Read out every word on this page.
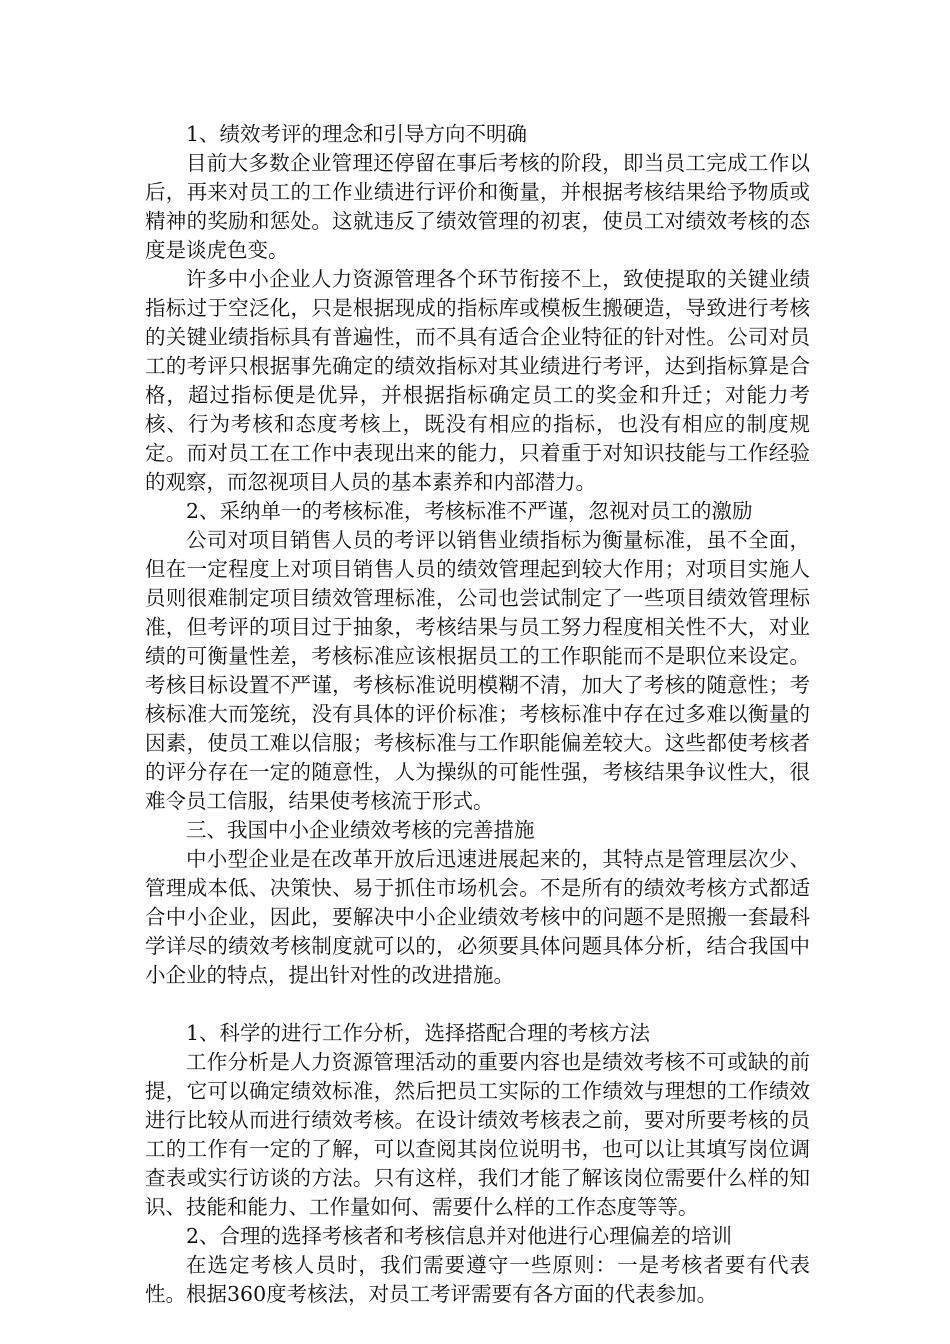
1、绩效考评的理念和引导方向不明确

目前大多数企业管理还停留在事后考核的阶段，即当员工完成工作以后，再来对员工的工作业绩进行评价和衡量，并根据考核结果给予物质或精神的奖励和惩处。这就违反了绩效管理的初衷，使员工对绩效考核的态度是谈虎色变。

许多中小企业人力资源管理各个环节衔接不上，致使提取的关键业绩指标过于空泛化，只是根据现成的指标库或模板生搬硬造，导致进行考核的关键业绩指标具有普遍性，而不具有适合企业特征的针对性。公司对员工的考评只根据事先确定的绩效指标对其业绩进行考评，达到指标算是合格，超过指标便是优异，并根据指标确定员工的奖金和升迁；对能力考核、行为考核和态度考核上，既没有相应的指标，也没有相应的制度规定。而对员工在工作中表现出来的能力，只着重于对知识技能与工作经验的观察，而忽视项目人员的基本素养和内部潜力。

2、采纳单一的考核标准，考核标准不严谨，忽视对员工的激励

公司对项目销售人员的考评以销售业绩指标为衡量标准，虽不全面，但在一定程度上对项目销售人员的绩效管理起到较大作用；对项目实施人员则很难制定项目绩效管理标准，公司也尝试制定了一些项目绩效管理标准，但考评的项目过于抽象，考核结果与员工努力程度相关性不大，对业绩的可衡量性差，考核标准应该根据员工的工作职能而不是职位来设定。考核目标设置不严谨，考核标准说明模糊不清，加大了考核的随意性；考核标准大而笼统，没有具体的评价标准；考核标准中存在过多难以衡量的因素，使员工难以信服；考核标准与工作职能偏差较大。这些都使考核者的评分存在一定的随意性，人为操纵的可能性强，考核结果争议性大，很难令员工信服，结果使考核流于形式。

三、我国中小企业绩效考核的完善措施

中小型企业是在改革开放后迅速进展起来的，其特点是管理层次少、管理成本低、决策快、易于抓住市场机会。不是所有的绩效考核方式都适合中小企业，因此，要解决中小企业绩效考核中的问题不是照搬一套最科学详尽的绩效考核制度就可以的，必须要具体问题具体分析，结合我国中小企业的特点，提出针对性的改进措施。

1、科学的进行工作分析，选择搭配合理的考核方法

工作分析是人力资源管理活动的重要内容也是绩效考核不可或缺的前提，它可以确定绩效标准，然后把员工实际的工作绩效与理想的工作绩效进行比较从而进行绩效考核。在设计绩效考核表之前，要对所要考核的员工的工作有一定的了解，可以查阅其岗位说明书，也可以让其填写岗位调查表或实行访谈的方法。只有这样，我们才能了解该岗位需要什么样的知识、技能和能力、工作量如何、需要什么样的工作态度等等。

2、合理的选择考核者和考核信息并对他进行心理偏差的培训

在选定考核人员时，我们需要遵守一些原则：一是考核者要有代表性。根据360度考核法，对员工考评需要有各方面的代表参加。
